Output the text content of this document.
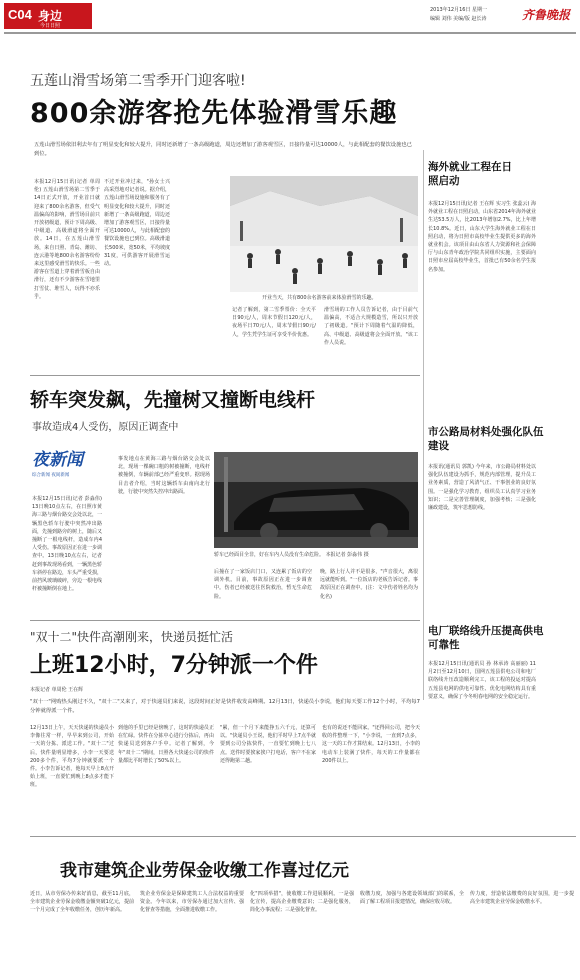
C04 身边
今日日照
2013年12月16日 星期一
编辑 刘伟 美编/版 赵长涛	齐鲁晚报
五莲山滑雪场第二雪季开门迎客啦!
800余游客抢先体验滑雪乐趣
五莲山滑雪场依旧利去年有了明显变化和较大提升，同时还新增了一条高级跑道，周边还增加了游客观雪区，日接待量可达10000人，与此相配套的餐饮设施也已到位。
本报12月15日讯(记者 单周伦) 五莲山滑雪场第二雪季于14日正式开放，开业首日就迎来了800余名游客，但受气温偏高的影响，滑雪场目前只开放初级道，预计下周高级、中级道、高级滑道将全面开放。14日，在五莲山滑雪场，来自日照、青岛、潍坊、连云港等地800余名游客纷纷来这里感受滑雪的快乐。一些游客在雪道上穿着滑雪板自由滑行，还有不少游客在雪地里打雪仗、堆雪人，玩得不亦乐乎。
不过开业冲过来，"孙女士兴高采烈地对记者说。据介绍，五莲山滑雪场设施和服务有了明显变化和较大提升，同时还新增了一条高级跑道，周边还增加了游客观雪区，日接待量可达10000人，与此相配套的餐饮设施也已到位。高级滑道长500米，宽50米，平均坡度31度，可供游客开展滑雪运动。
开业当天，共有800余名游客前来体验滑雪的乐趣。
记者了解到，第二雪季票价：全天平日90元/人，周末节假日120元/人，夜场平日70元/人，周末节假日90元/人，学生凭学生证可享受半价优惠。
滑雪场的工作人员告诉记者，由于目前气温偏高，不适合大规模造雪，所以只开放了初级道。"预计下周随着气温的降低，高、中级道、高级道将会全面开放。"该工作人员说。
海外就业工程在日照启动
本报12月15日讯(记者 王在辉 实习生 张蕊云) 海外就业工程在日照启动，山东省2014年海外就业生达53.5万人，比2013年增加2.7%，比上年增长10.8%。近日，山东大学生海外就业工程在日照启动，将为日照市高校毕业生提供更多的海外就业机会。该项目由山东省人力资源和社会保障厅与山东青年政治学院共同组织实施，主要面向日照市应届高校毕业生，首批已有50余名学生报名参加。
市公路局材料处强化队伍建设
本报讯(通讯员 郭凯) 今年来，市公路局材料处以强化队伍建设为抓手，规范内部管理，提升员工业务素质，营造了风清气正、干事创业的良好氛围。一是强化学习教育，组织员工认真学习业务知识；二是完善管理制度，加强考核；三是强化廉政建设，筑牢思想防线。
电厂联络线升压提高供电可靠性
本报12月15日讯(通讯员 孙 林承涛 高丽丽) 11月2日至12月10日，国网五莲县供电公司和电厂联络线升压改造顺利完工，该工程的投运对提高五莲县电网的供电可靠性、优化电网结构具有重要意义，确保了今冬明春电网的安全稳定运行。
轿车突发飙，先撞树又撞断电线杆
事故造成4人受伤，原因正调查中
夜新闻
综合新闻 夜间新闻
本报12月15日讯(记者 彭淼伟) 13日晚10点左右，在日照市黄海三路与烟台路交会处以北，一辆黑色轿车行驶中突然冲出路面，先撞到路旁的树上，随后又撞断了一根电线杆，造成车内4人受伤。事故原因正在进一步调查中。13日晚10点左右，记者赶到事故现场看到，一辆黑色轿车斜停在路边，车头严重受损，前挡风玻璃破碎，旁边一根电线杆被撞断倒在地上。
事发地点在黄海三路与烟台路交会处以北，现场一棵碗口粗的树被撞断，电线杆被撞倒，车辆前部已经严重变形。据现场目击者介绍，当时这辆轿车由南向北行驶，行驶中突然失控冲出路面。
轿车已经面目全非，好在车内人员没有生命危险。 本报记者 彭淼伟 摄
后撞在了一家饭店门口，又连累了饭店的空调外机。目前，事故原因正在进一步调查中。伤者已经被送往医院救治，暂无生命危险。
晚，路上行人并不是很多，"声音很大，离很远就能听到。"一位饭店的老板告诉记者。事故原因正在调查中。(注：文中伤者姓名均为化名)
"双十二"快件高潮刚来，快递员挺忙活
上班12小时，7分钟派一个件
本报记者 单周伦 王在辉
"双十一"网购热头刚过不久，"双十二"又来了，对于快递员们来说，这段时间正好是快件收发高峰期。12月13日，快递员小李说，他们每天要工作12个小时，平均每7分钟就得派一个件。
12月13日上午，天天快递的快递员小李像往常一样，早早来到公司，开始一天的分拣、派送工作。"双十二"过后，快件量明显增多，小李一天要送200多个件，平均7分钟就要派一个件。小李告诉记者，他每天早上8点开始上班，一直要忙到晚上8点多才能下班。
到他的手里已经是傍晚了，这时的快递员正在忙碌。快件在分拣中心进行分拣后，再由快递员送到客户手中。记者了解到，今年"双十二"期间，日照各大快递公司的快件量都比平时增长了50%以上。
"累，但一个月下来能挣五六千元，还算可以。"快递员小王说，他们平时早上7点半就要到公司分拣快件，一直要忙到晚上七八点。送件时要挨家挨户打电话，客户不在家还得跑第二趟。
也有的说还不能回家。"还得回公司，把今天收的件整理一下，"小李说，一直到7点多，这一天的工作才算结束。12月13日，小李的电动车上装满了快件，每天的工作量都在200件以上。
我市建筑企业劳保金收缴工作喜过亿元
近日，从市劳保办传来好消息，截至11月底，全市建筑企业劳保金收缴金额突破1亿元，提前一个月完成了全年收缴任务，创历年新高。
筑企业劳保金是保障建筑工人合法权益的重要资金。今年以来，市劳保办通过加大宣传、强化督查等措施，全面推进收缴工作。
化"四项举措"，使收缴工作进展顺利。一是强化宣传，提高企业缴费意识；二是强化服务，简化办事流程；三是强化督查。
收缴力度，加强与各建设领域部门的联系，全面了解工程项目报建情况，确保应收尽收。
传力度，营造依法缴费的良好氛围，进一步提高全市建筑企业劳保金收缴水平。
